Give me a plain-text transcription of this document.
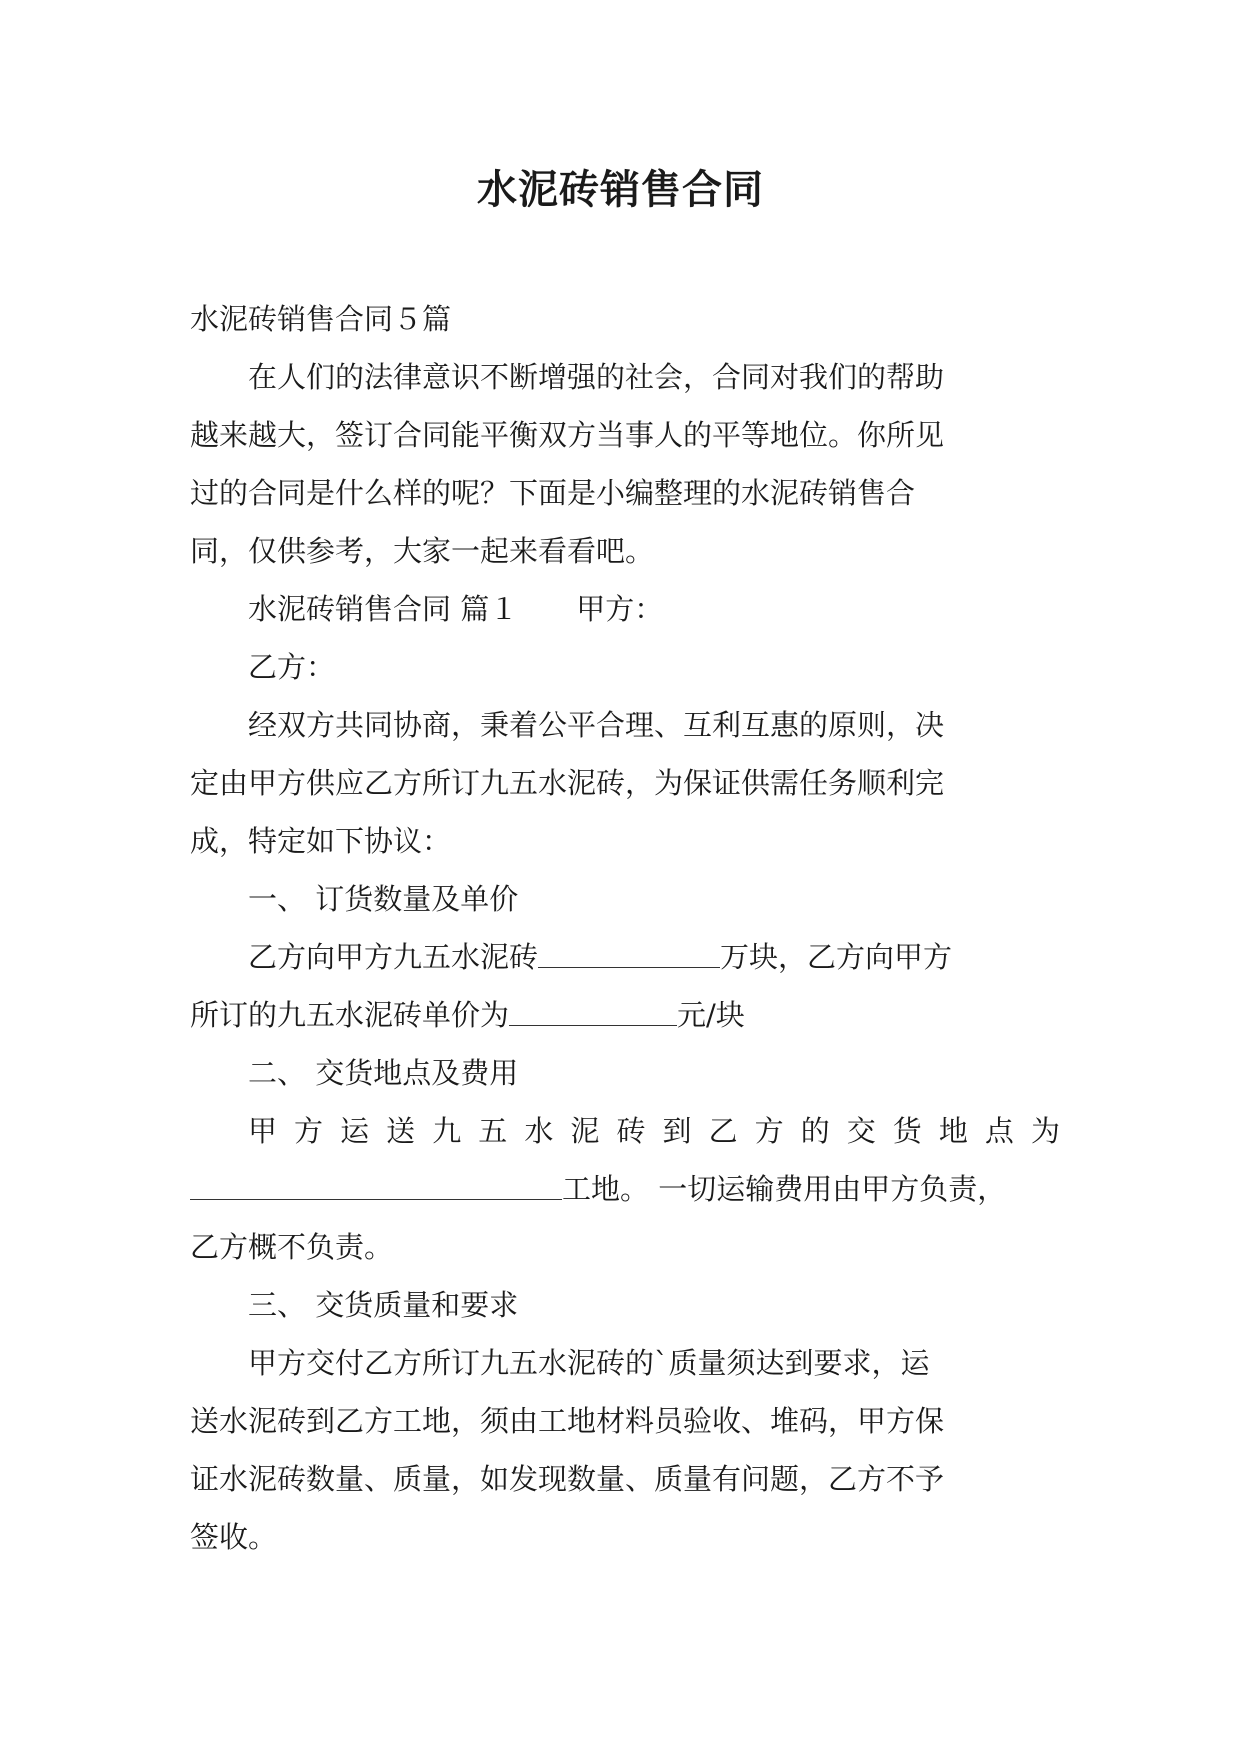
水泥砖销售合同

水泥砖销售合同５篇

在人们的法律意识不断增强的社会，合同对我们的帮助

越来越大，签订合同能平衡双方当事人的平等地位。你所见

过的合同是什么样的呢？下面是小编整理的水泥砖销售合

同，仅供参考，大家一起来看看吧。

水泥砖销售合同 篇１ 甲方：

乙方：

经双方共同协商，秉着公平合理、互利互惠的原则，决

定由甲方供应乙方所订九五水泥砖，为保证供需任务顺利完

成，特定如下协议：

一、 订货数量及单价

乙方向甲方九五水泥砖	万块，乙方向甲方

所订的九五水泥砖单价为	元/块

二、 交货地点及费用

甲方运送九五水泥砖到乙方的交货地点为

工地。 一切运输费用由甲方负责，

乙方概不负责。

三、 交货质量和要求

甲方交付乙方所订九五水泥砖的`质量须达到要求，运

送水泥砖到乙方工地，须由工地材料员验收、堆码，甲方保

证水泥砖数量、质量，如发现数量、质量有问题，乙方不予

签收。
